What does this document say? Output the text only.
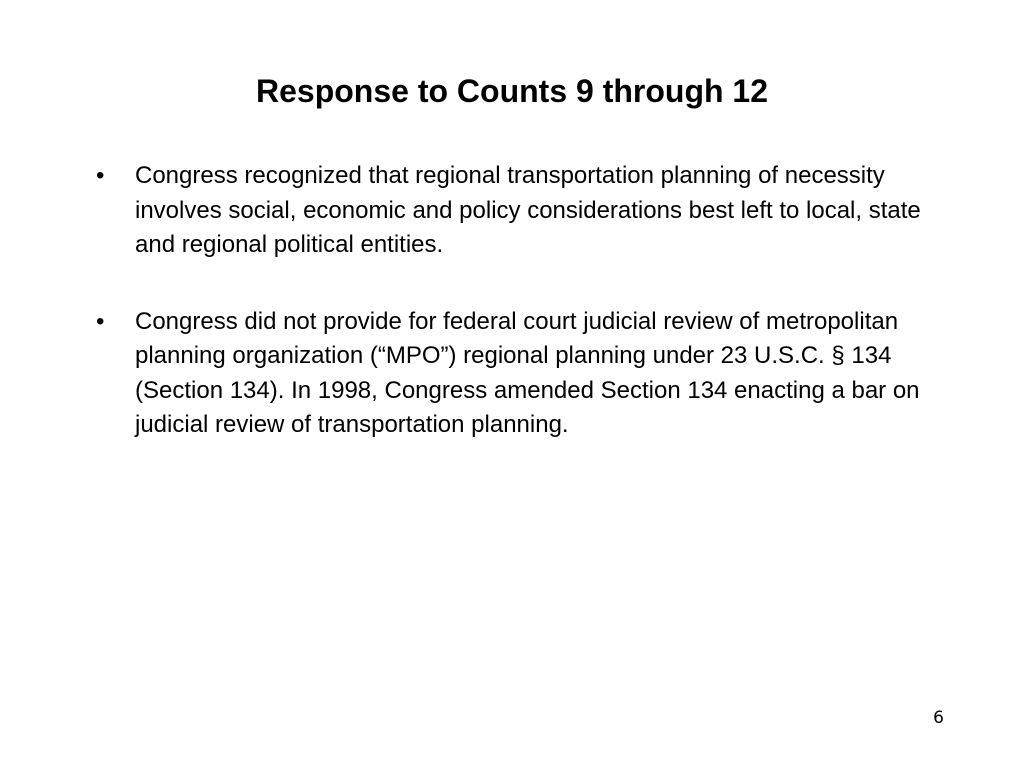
Response to Counts 9 through 12
•	Congress recognized that regional transportation planning of necessity involves social, economic and policy considerations best left to local, state and regional political entities.
•	Congress did not provide for federal court judicial review of metropolitan planning organization (“MPO”) regional planning under 23 U.S.C. § 134 (Section 134). In 1998, Congress amended Section 134 enacting a bar on judicial review of transportation planning.
6
